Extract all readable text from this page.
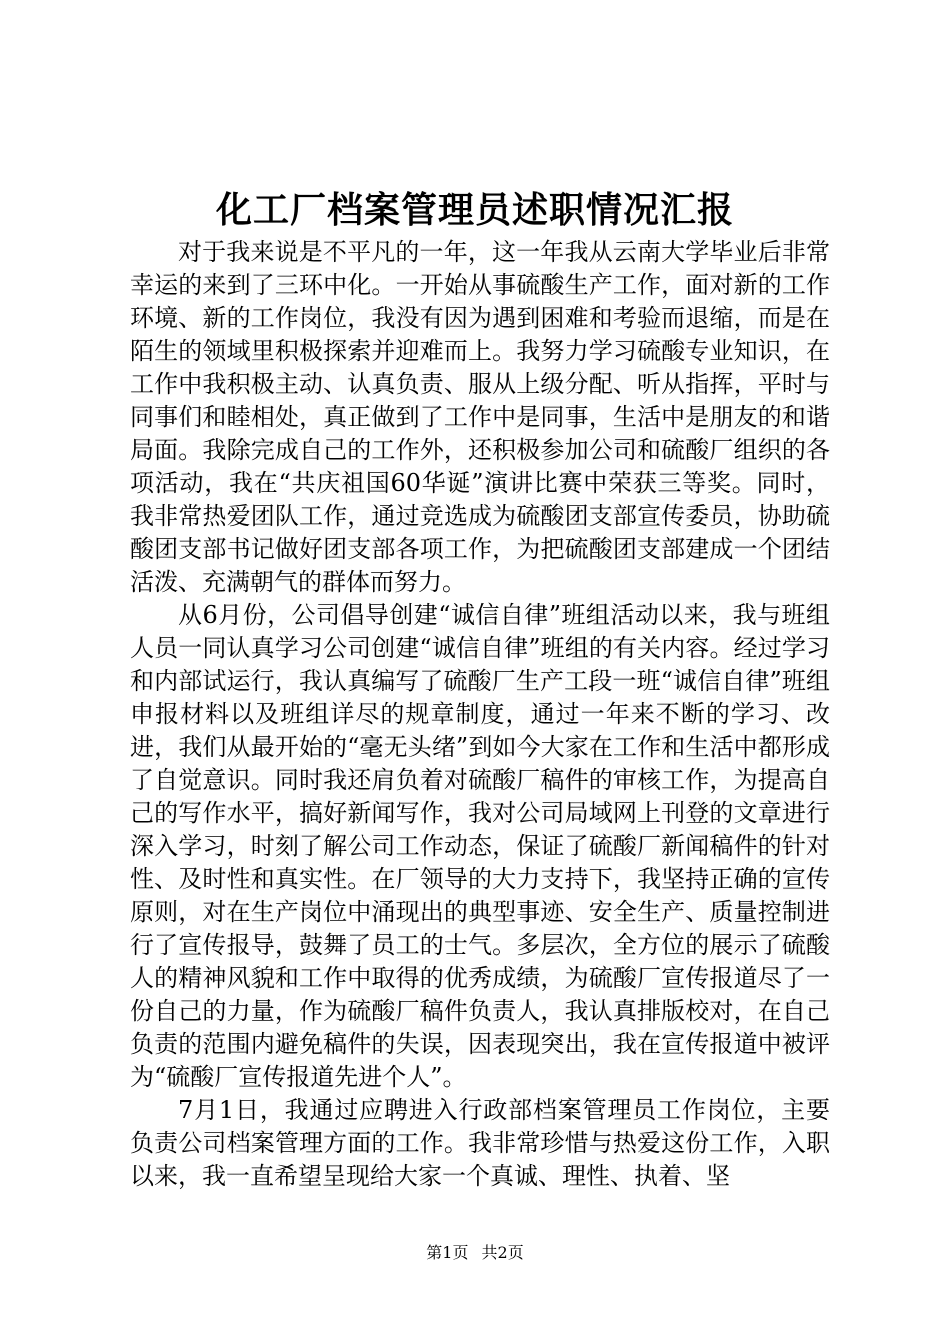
化工厂档案管理员述职情况汇报

对于我来说是不平凡的一年，这一年我从云南大学毕业后非常幸运的来到了三环中化。一开始从事硫酸生产工作，面对新的工作环境、新的工作岗位，我没有因为遇到困难和考验而退缩，而是在陌生的领域里积极探索并迎难而上。我努力学习硫酸专业知识，在工作中我积极主动、认真负责、服从上级分配、听从指挥，平时与同事们和睦相处，真正做到了工作中是同事，生活中是朋友的和谐局面。我除完成自己的工作外，还积极参加公司和硫酸厂组织的各项活动，我在“共庆祖国60华诞”演讲比赛中荣获三等奖。同时，我非常热爱团队工作，通过竞选成为硫酸团支部宣传委员，协助硫酸团支部书记做好团支部各项工作，为把硫酸团支部建成一个团结活泼、充满朝气的群体而努力。

从6月份，公司倡导创建“诚信自律”班组活动以来，我与班组人员一同认真学习公司创建“诚信自律”班组的有关内容。经过学习和内部试运行，我认真编写了硫酸厂生产工段一班“诚信自律”班组申报材料以及班组详尽的规章制度，通过一年来不断的学习、改进，我们从最开始的“毫无头绪”到如今大家在工作和生活中都形成了自觉意识。同时我还肩负着对硫酸厂稿件的审核工作，为提高自己的写作水平，搞好新闻写作，我对公司局域网上刊登的文章进行深入学习，时刻了解公司工作动态，保证了硫酸厂新闻稿件的针对性、及时性和真实性。在厂领导的大力支持下，我坚持正确的宣传原则，对在生产岗位中涌现出的典型事迹、安全生产、质量控制进行了宣传报导，鼓舞了员工的士气。多层次，全方位的展示了硫酸人的精神风貌和工作中取得的优秀成绩，为硫酸厂宣传报道尽了一份自己的力量，作为硫酸厂稿件负责人，我认真排版校对，在自己负责的范围内避免稿件的失误，因表现突出，我在宣传报道中被评为“硫酸厂宣传报道先进个人”。

7月1日，我通过应聘进入行政部档案管理员工作岗位，主要负责公司档案管理方面的工作。我非常珍惜与热爱这份工作，入职以来，我一直希望呈现给大家一个真诚、理性、执着、坚

第1页 共2页
